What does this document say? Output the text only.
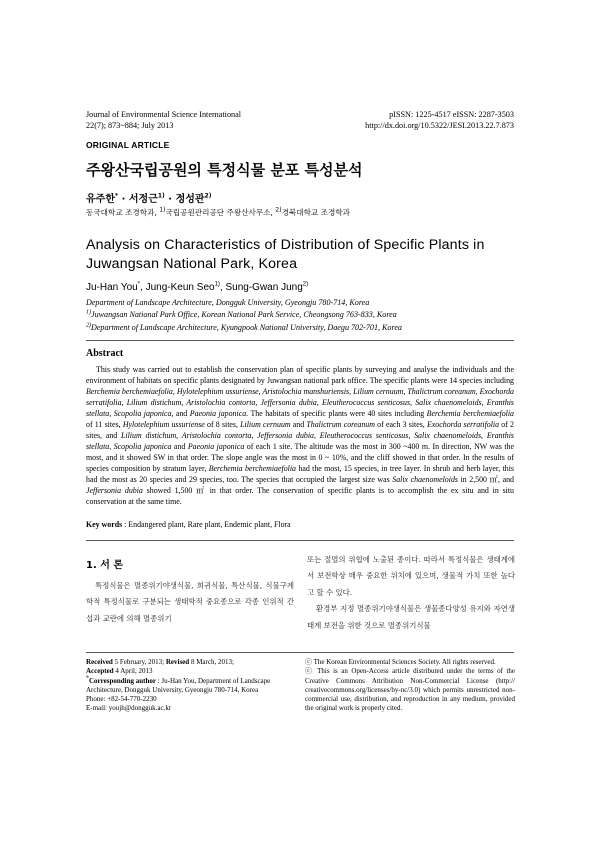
Journal of Environmental Science International
22(7); 873~884; July 2013
pISSN: 1225-4517 eISSN: 2287-3503
http://dx.doi.org/10.5322/JESI.2013.22.7.873
ORIGINAL ARTICLE
주왕산국립공원의 특정식물 분포 특성분석
유주한* · 서정근$^{1)}$ · 정성관$^{2)}$
동국대학교 조경학과, $^{1)}$국립공원관리공단 주왕산사무소, $^{2)}$경북대학교 조경학과
Analysis on Characteristics of Distribution of Specific Plants in Juwangsan National Park, Korea
Ju-Han You*, Jung-Keun Seo$^{1)}$, Sung-Gwan Jung$^{2)}$
Department of Landscape Architecture, Dongguk University, Gyeongju 780-714, Korea
$^{1)}$Juwangsan National Park Office, Korean National Park Service, Cheongsong 763-833, Korea
$^{2)}$Department of Landscape Architecture, Kyungpook National University, Daegu 702-701, Korea
Abstract
This study was carried out to establish the conservation plan of specific plants by surveying and analyse the individuals and the environment of habitats on specific plants designated by Juwangsan national park office. The specific plants were 14 species including Berchemia berchemiaefolia, Hylotelephium ussuriense, Aristolochia manshuriensis, Lilium cernuum, Thalictrum coreanum, Exochorda serratifolia, Lilium distichum, Aristolochia contorta, Jeffersonia dubia, Eleutherococcus senticosus, Salix chaenomeloids, Eranthis stellata, Scopolia japonica, and Paeonia japonica. The habitats of specific plants were 40 sites including Berchemia berchemiaefolia of 11 sites, Hylotelephium ussuriense of 8 sites, Lilium cernuum and Thalictrum coreanum of each 3 sites, Exochorda serratifolia of 2 sites, and Lilium distichum, Aristolochia contorta, Jeffersonia dubia, Eleutherococcus senticosus, Salix chaenomeloids, Eranthis stellata, Scopolia japonica and Paeonia japonica of each 1 site. The altitude was the most in 300 ~400 m. In direction, NW was the most, and it showed SW in that order. The slope angle was the most in 0 ~ 10%, and the cliff showed in that order. In the results of species composition by stratum layer, Berchemia berchemiaefolia had the most, 15 species, in tree layer. In shrub and herb layer, this had the most as 20 species and 29 species, too. The species that occupied the largest size was Salix chaenomeloids in 2,500 ㎡, and Jeffersonia dubia showed 1,500 ㎡ in that order. The conservation of specific plants is to accomplish the ex situ and in situ conservation at the same time.
Key words : Endangered plant, Rare plant, Endemic plant, Flora
1. 서 론
특정식물은 멸종위기야생식물, 희귀식물, 특산식물, 식물구계학적 특정식물로 구분되는 생태학적 중요종으로 각종 인위적 간섭과 교란에 의해 멸종위기

또는 절멸의 위협에 노출된 종이다. 따라서 특정식물은 생태계에서 보전학상 매우 중요한 위치에 있으며, 생물적 가치 또한 높다고 할 수 있다.

환경부 지정 멸종위기야생식물은 생물종다양성 유지와 자연생태계 보전을 위한 것으로 멸종위기식물

Received 5 February, 2013; Revised 8 March, 2013;
Accepted 4 April, 2013
*Corresponding author : Ju-Han You, Department of Landscape Architecture, Dongguk University, Gyeongju 780-714, Korea
Phone: +82-54-770-2230
E-mail: youjh@dongguk.ac.kr
ⓒ The Korean Environmental Sciences Society. All rights reserved.
ⓒ This is an Open-Access article distributed under the terms of the Creative Commons Attribution Non-Commercial License (http:// creativecommons.org/licenses/by-nc/3.0) which permits unrestricted non-commercial use, distribution, and reproduction in any medium, provided the original work is properly cited.
